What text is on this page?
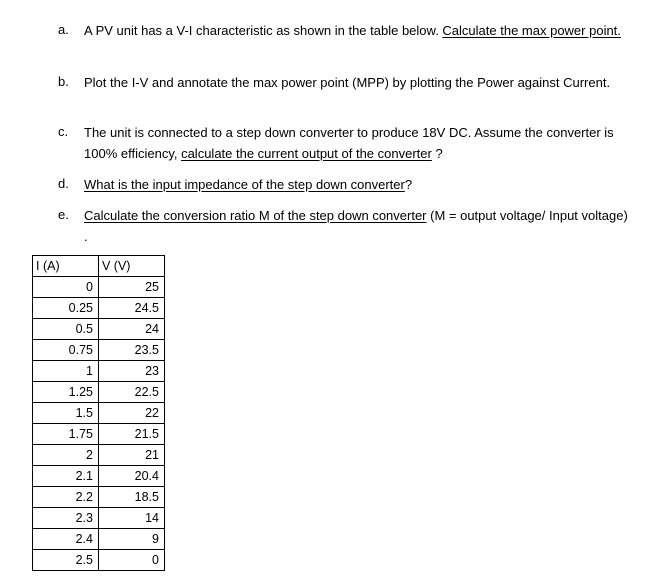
a. A PV unit has a V-I characteristic as shown in the table below. Calculate the max power point.
b. Plot the I-V and annotate the max power point (MPP) by plotting the Power against Current.
c. The unit is connected to a step down converter to produce 18V DC. Assume the converter is 100% efficiency, calculate the current output of the converter ?
d. What is the input impedance of the step down converter?
e. Calculate the conversion ratio M of the step down converter (M = output voltage/ Input voltage) .
I (A)	V (V)
0	25
0.25	24.5
0.5	24
0.75	23.5
1	23
1.25	22.5
1.5	22
1.75	21.5
2	21
2.1	20.4
2.2	18.5
2.3	14
2.4	9
2.5	0
